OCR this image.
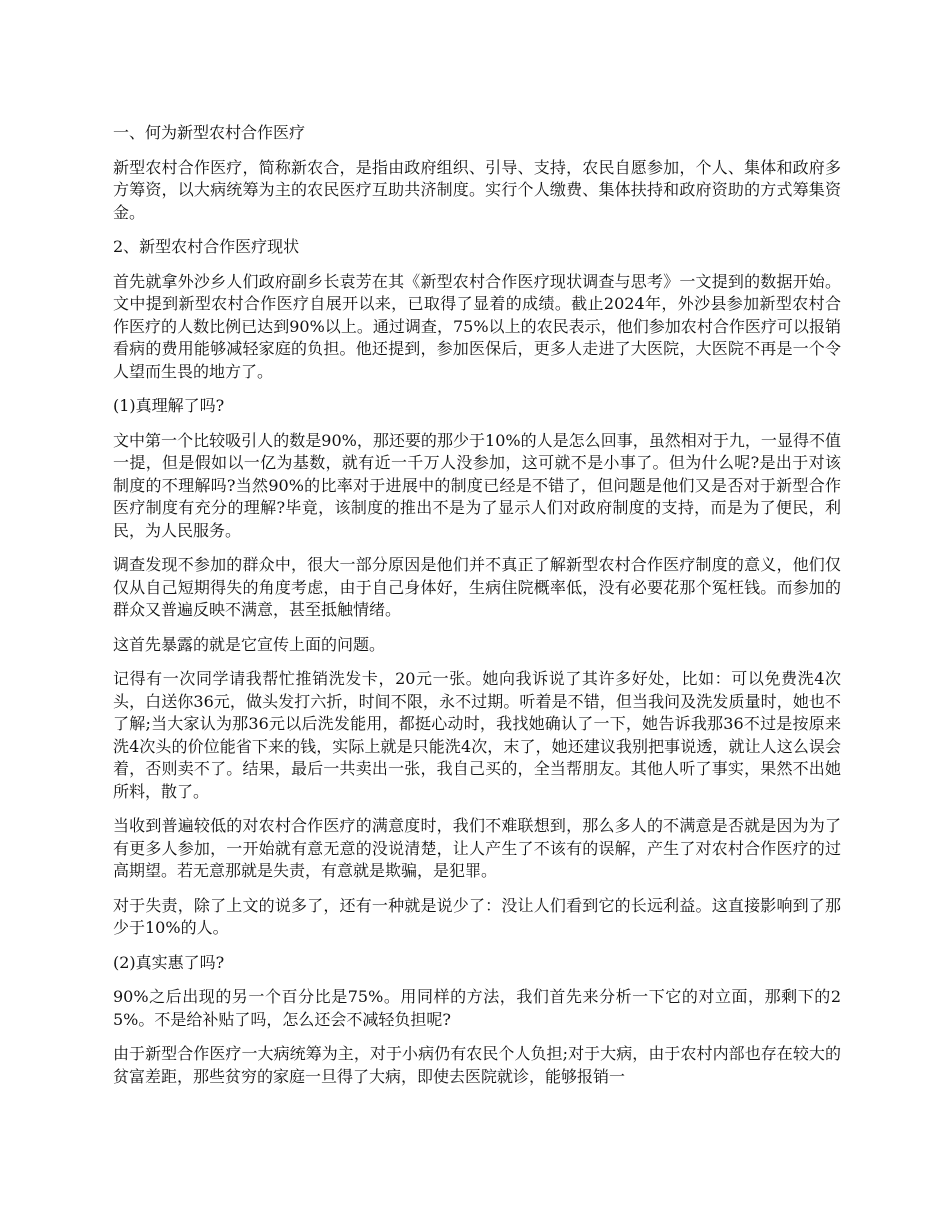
一、何为新型农村合作医疗

新型农村合作医疗，简称新农合，是指由政府组织、引导、支持，农民自愿参加，个人、集体和政府多方筹资，以大病统筹为主的农民医疗互助共济制度。实行个人缴费、集体扶持和政府资助的方式筹集资金。

2、新型农村合作医疗现状

首先就拿外沙乡人们政府副乡长袁芳在其《新型农村合作医疗现状调查与思考》一文提到的数据开始。文中提到新型农村合作医疗自展开以来，已取得了显着的成绩。截止2024年，外沙县参加新型农村合作医疗的人数比例已达到90%以上。通过调查，75%以上的农民表示，他们参加农村合作医疗可以报销看病的费用能够减轻家庭的负担。他还提到，参加医保后，更多人走进了大医院，大医院不再是一个令人望而生畏的地方了。

(1)真理解了吗?

文中第一个比较吸引人的数是90%，那还要的那少于10%的人是怎么回事，虽然相对于九，一显得不值一提，但是假如以一亿为基数，就有近一千万人没参加，这可就不是小事了。但为什么呢?是出于对该制度的不理解吗?当然90%的比率对于进展中的制度已经是不错了，但问题是他们又是否对于新型合作医疗制度有充分的理解?毕竟，该制度的推出不是为了显示人们对政府制度的支持，而是为了便民，利民，为人民服务。

调查发现不参加的群众中，很大一部分原因是他们并不真正了解新型农村合作医疗制度的意义，他们仅仅从自己短期得失的角度考虑，由于自己身体好，生病住院概率低，没有必要花那个冤枉钱。而参加的群众又普遍反映不满意，甚至抵触情绪。

这首先暴露的就是它宣传上面的问题。

记得有一次同学请我帮忙推销洗发卡，20元一张。她向我诉说了其许多好处，比如：可以免费洗4次头，白送你36元，做头发打六折，时间不限，永不过期。听着是不错，但当我问及洗发质量时，她也不了解;当大家认为那36元以后洗发能用，都挺心动时，我找她确认了一下，她告诉我那36不过是按原来洗4次头的价位能省下来的钱，实际上就是只能洗4次，末了，她还建议我别把事说透，就让人这么误会着，否则卖不了。结果，最后一共卖出一张，我自己买的，全当帮朋友。其他人听了事实，果然不出她所料，散了。

当收到普遍较低的对农村合作医疗的满意度时，我们不难联想到，那么多人的不满意是否就是因为为了有更多人参加，一开始就有意无意的没说清楚，让人产生了不该有的误解，产生了对农村合作医疗的过高期望。若无意那就是失责，有意就是欺骗，是犯罪。

对于失责，除了上文的说多了，还有一种就是说少了：没让人们看到它的长远利益。这直接影响到了那少于10%的人。

(2)真实惠了吗?

90%之后出现的另一个百分比是75%。用同样的方法，我们首先来分析一下它的对立面，那剩下的25%。不是给补贴了吗，怎么还会不减轻负担呢?

由于新型合作医疗一大病统筹为主，对于小病仍有农民个人负担;对于大病，由于农村内部也存在较大的贫富差距，那些贫穷的家庭一旦得了大病，即使去医院就诊，能够报销一
